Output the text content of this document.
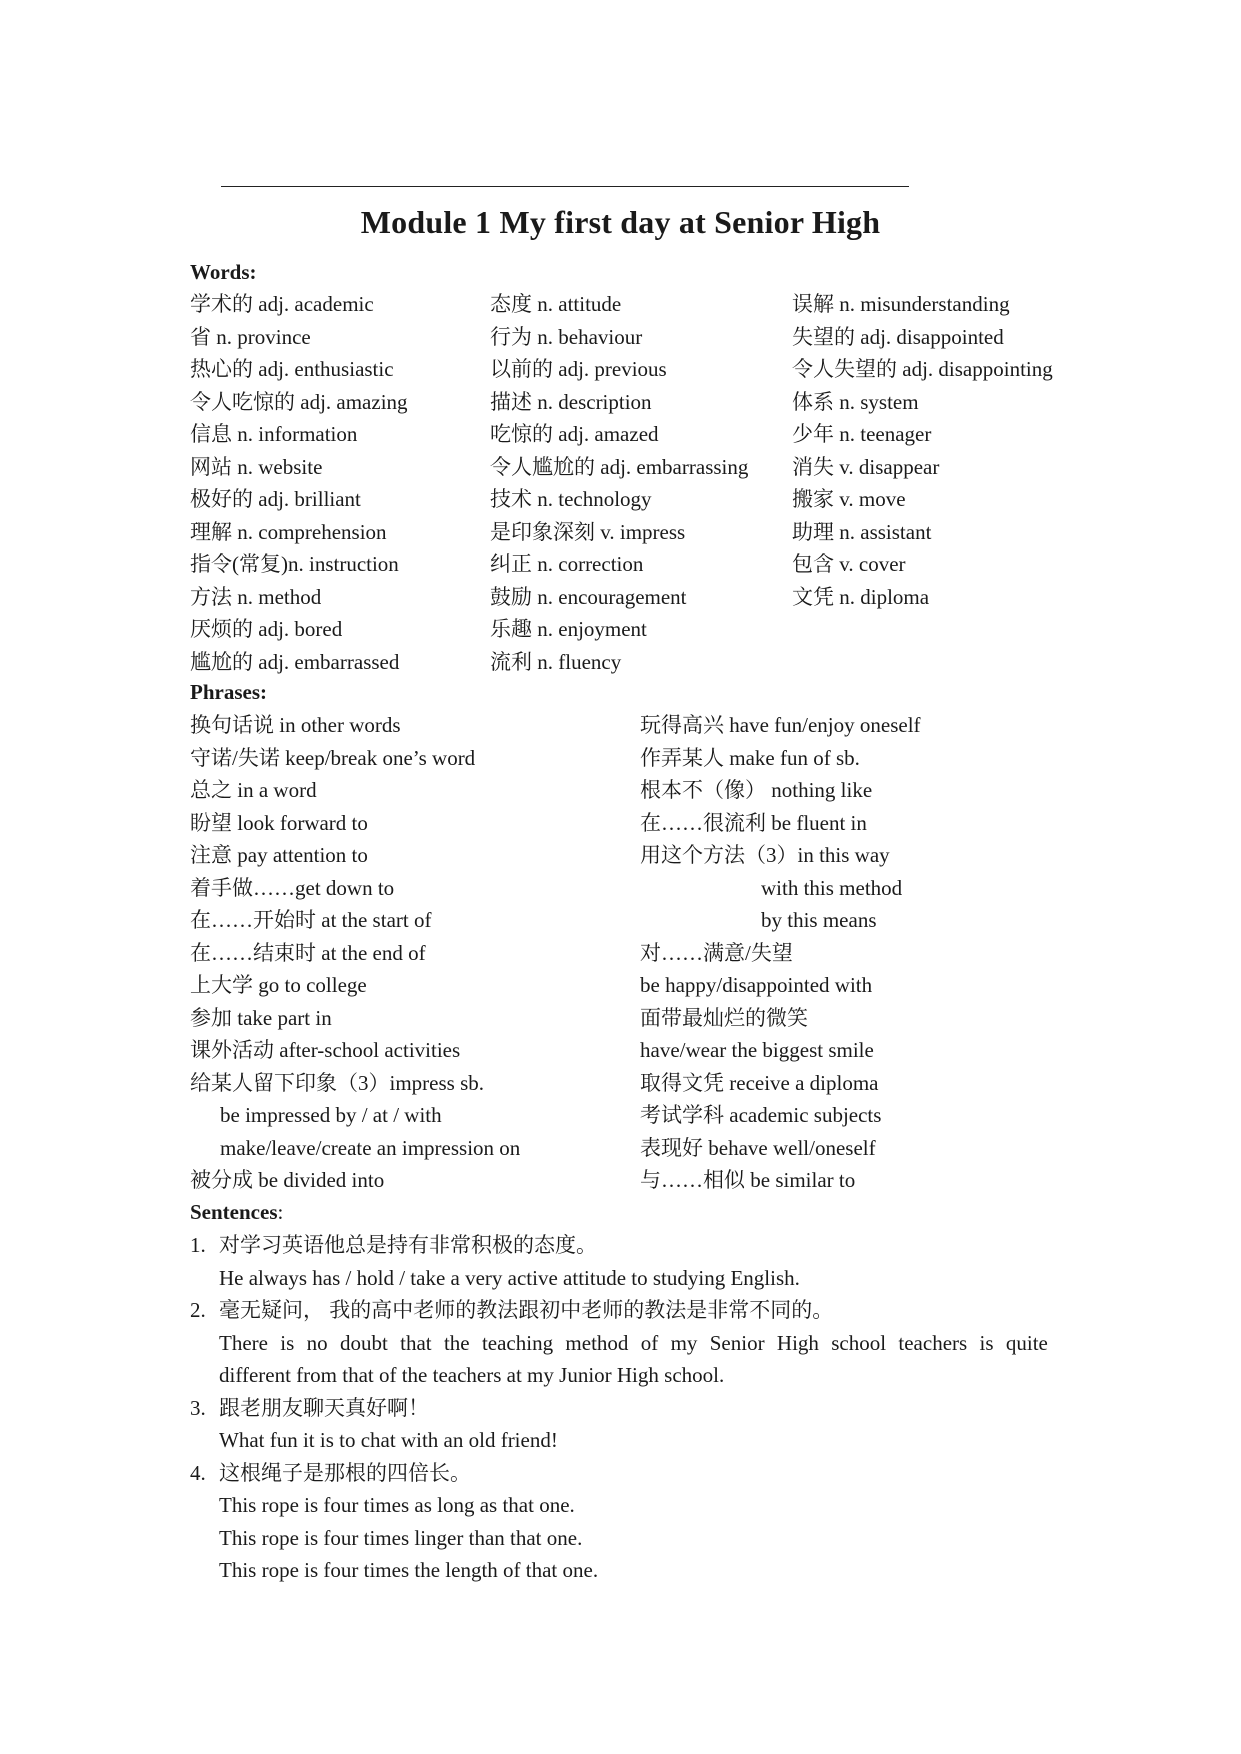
Module 1 My first day at Senior High
Words:
学术的 adj. academic
省 n. province
热心的 adj. enthusiastic
令人吃惊的 adj. amazing
信息 n. information
网站 n. website
极好的 adj. brilliant
理解 n. comprehension
指令(常复)n. instruction
方法 n. method
厌烦的 adj. bored
尴尬的 adj. embarrassed
态度 n. attitude
行为 n. behaviour
以前的 adj. previous
描述 n. description
吃惊的 adj. amazed
令人尴尬的 adj. embarrassing
技术 n. technology
是印象深刻 v. impress
纠正 n. correction
鼓励 n. encouragement
乐趣 n. enjoyment
流利 n. fluency
误解 n. misunderstanding
失望的 adj. disappointed
令人失望的 adj. disappointing
体系 n. system
少年 n. teenager
消失 v. disappear
搬家 v. move
助理 n. assistant
包含 v. cover
文凭 n. diploma
Phrases:
换句话说 in other words
守诺/失诺 keep/break one’s word
总之 in a word
盼望 look forward to
注意 pay attention to
着手做……get down to
在……开始时 at the start of
在……结束时 at the end of
上大学 go to college
参加 take part in
课外活动 after-school activities
给某人留下印象（3）impress sb.
be impressed by / at / with
make/leave/create an impression on
被分成 be divided into
玩得高兴 have fun/enjoy oneself
作弄某人 make fun of sb.
根本不（像） nothing like
在……很流利 be fluent in
用这个方法（3）in this way
with this method
by this means
对……满意/失望
be happy/disappointed with
面带最灿烂的微笑
have/wear the biggest smile
取得文凭 receive a diploma
考试学科 academic subjects
表现好 behave well/oneself
与……相似 be similar to
Sentences:
1. 对学习英语他总是持有非常积极的态度。
He always has / hold / take a very active attitude to studying English.
2. 毫无疑问， 我的高中老师的教法跟初中老师的教法是非常不同的。
There is no doubt that the teaching method of my Senior High school teachers is quite
different from that of the teachers at my Junior High school.
3. 跟老朋友聊天真好啊！
What fun it is to chat with an old friend!
4. 这根绳子是那根的四倍长。
This rope is four times as long as that one.
This rope is four times linger than that one.
This rope is four times the length of that one.
